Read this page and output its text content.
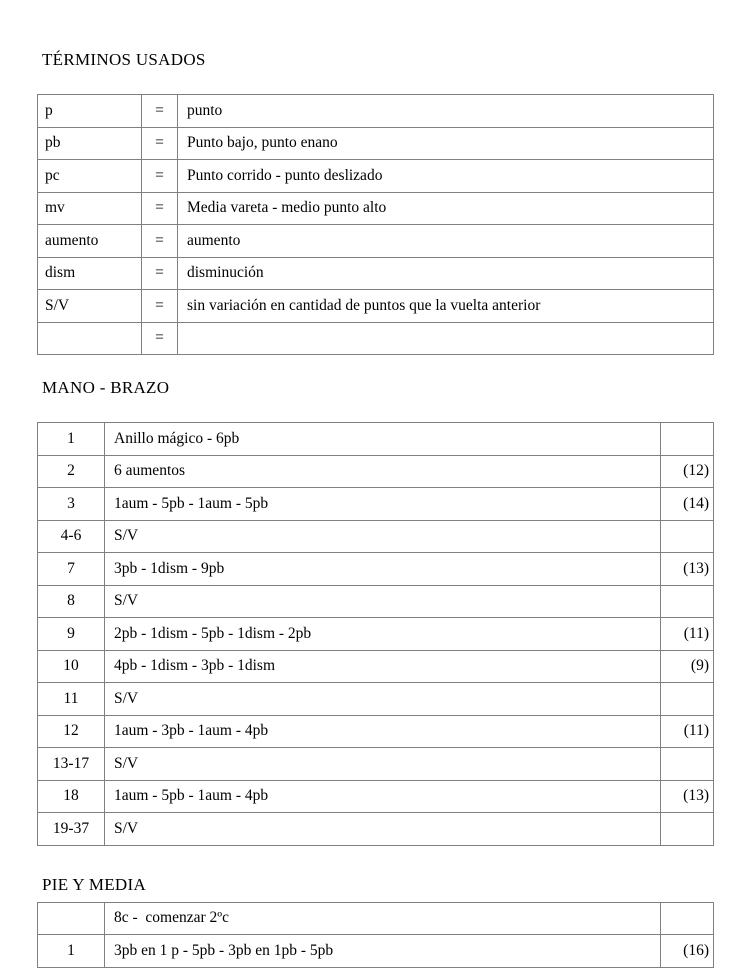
TÉRMINOS USADOS
p	=	punto
pb	=	Punto bajo, punto enano
pc	=	Punto corrido - punto deslizado
mv	=	Media vareta - medio punto alto
aumento	=	aumento
dism	=	disminución
S/V	=	sin variación en cantidad de puntos que la vuelta anterior
	=	
MANO - BRAZO
1	Anillo mágico - 6pb	
2	6 aumentos	(12)
3	1aum - 5pb - 1aum - 5pb	(14)
4-6	S/V	
7	3pb - 1dism - 9pb	(13)
8	S/V	
9	2pb - 1dism - 5pb - 1dism - 2pb	(11)
10	4pb - 1dism - 3pb - 1dism	(9)
11	S/V	
12	1aum - 3pb - 1aum - 4pb	(11)
13-17	S/V	
18	1aum - 5pb - 1aum - 4pb	(13)
19-37	S/V	
PIE Y MEDIA
	8c -  comenzar 2ºc	
1	3pb en 1 p - 5pb - 3pb en 1pb - 5pb	(16)
